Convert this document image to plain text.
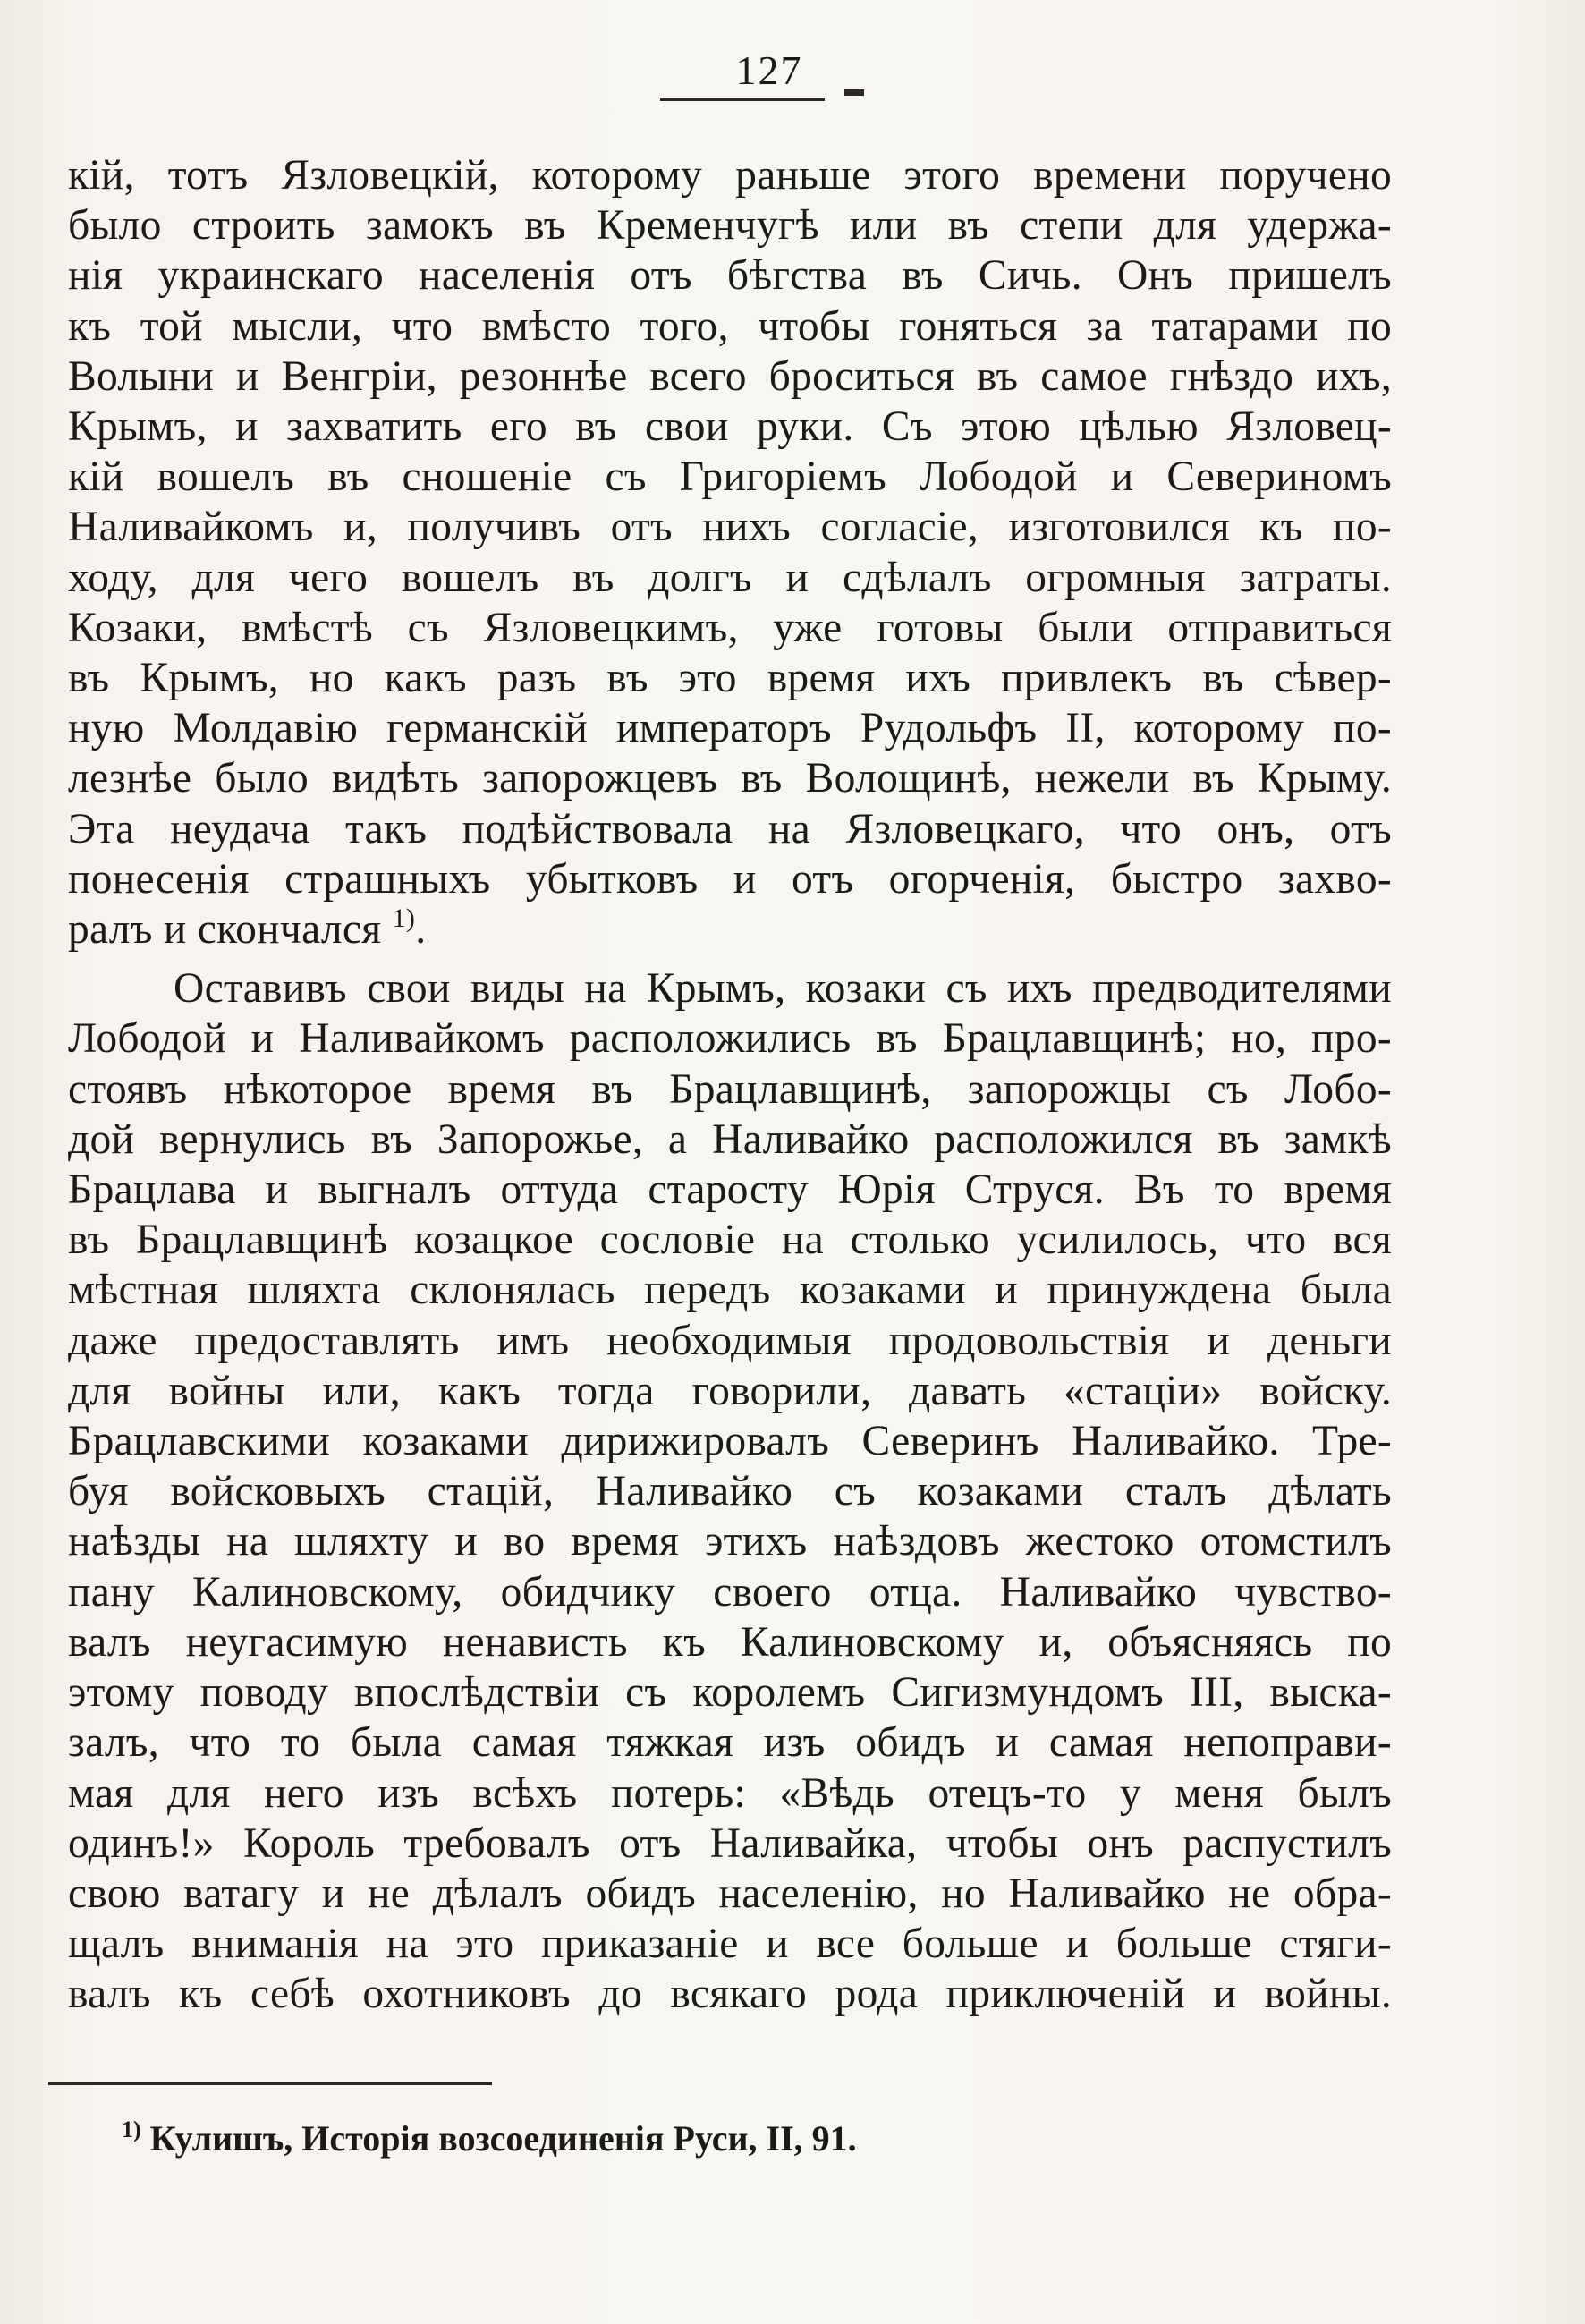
127

кій, тотъ Язловецкій, которому раньше этого времени поручено
было строить замокъ въ Кременчугѣ или въ степи для удержа-
нія украинскаго населенія отъ бѣгства въ Сичь. Онъ пришелъ
къ той мысли, что вмѣсто того, чтобы гоняться за татарами по
Волыни и Венгріи, резоннѣе всего броситься въ самое гнѣздо ихъ,
Крымъ, и захватить его въ свои руки. Съ этою цѣлью Язловец-
кій вошелъ въ сношеніе съ Григоріемъ Лободой и Севериномъ
Наливайкомъ и, получивъ отъ нихъ согласіе, изготовился къ по-
ходу, для чего вошелъ въ долгъ и сдѣлалъ огромныя затраты.
Козаки, вмѣстѣ съ Язловецкимъ, уже готовы были отправиться
въ Крымъ, но какъ разъ въ это время ихъ привлекъ въ сѣвер-
ную Молдавію германскій императоръ Рудольфъ II, которому по-
лезнѣе было видѣть запорожцевъ въ Волощинѣ, нежели въ Крыму.
Эта неудача такъ подѣйствовала на Язловецкаго, что онъ, отъ
понесенія страшныхъ убытковъ и отъ огорченія, быстро захво-
ралъ и скончался $^{1)}$.

Оставивъ свои виды на Крымъ, козаки съ ихъ предводителями
Лободой и Наливайкомъ расположились въ Брацлавщинѣ; но, про-
стоявъ нѣкоторое время въ Брацлавщинѣ, запорожцы съ Лобо-
дой вернулись въ Запорожье, а Наливайко расположился въ замкѣ
Брацлава и выгналъ оттуда старосту Юрія Струся. Въ то время
въ Брацлавщинѣ козацкое сословіе на столько усилилось, что вся
мѣстная шляхта склонялась передъ козаками и принуждена была
даже предоставлять имъ необходимыя продовольствія и деньги
для войны или, какъ тогда говорили, давать «стаціи» войску.
Брацлавскими козаками дирижировалъ Северинъ Наливайко. Тре-
буя войсковыхъ стацій, Наливайко съ козаками сталъ дѣлать
наѣзды на шляхту и во время этихъ наѣздовъ жестоко отомстилъ
пану Калиновскому, обидчику своего отца. Наливайко чувство-
валъ неугасимую ненависть къ Калиновскому и, объясняясь по
этому поводу впослѣдствіи съ королемъ Сигизмундомъ III, выска-
залъ, что то была самая тяжкая изъ обидъ и самая непоправи-
мая для него изъ всѣхъ потерь: «Вѣдь отецъ-то у меня былъ
одинъ!» Король требовалъ отъ Наливайка, чтобы онъ распустилъ
свою ватагу и не дѣлалъ обидъ населенію, но Наливайко не обра-
щалъ вниманія на это приказаніе и все больше и больше стяги-
валъ къ себѣ охотниковъ до всякаго рода приключеній и войны.

$^{1)}$ Кулишъ, Исторія возсоединенія Руси, II, 91.
